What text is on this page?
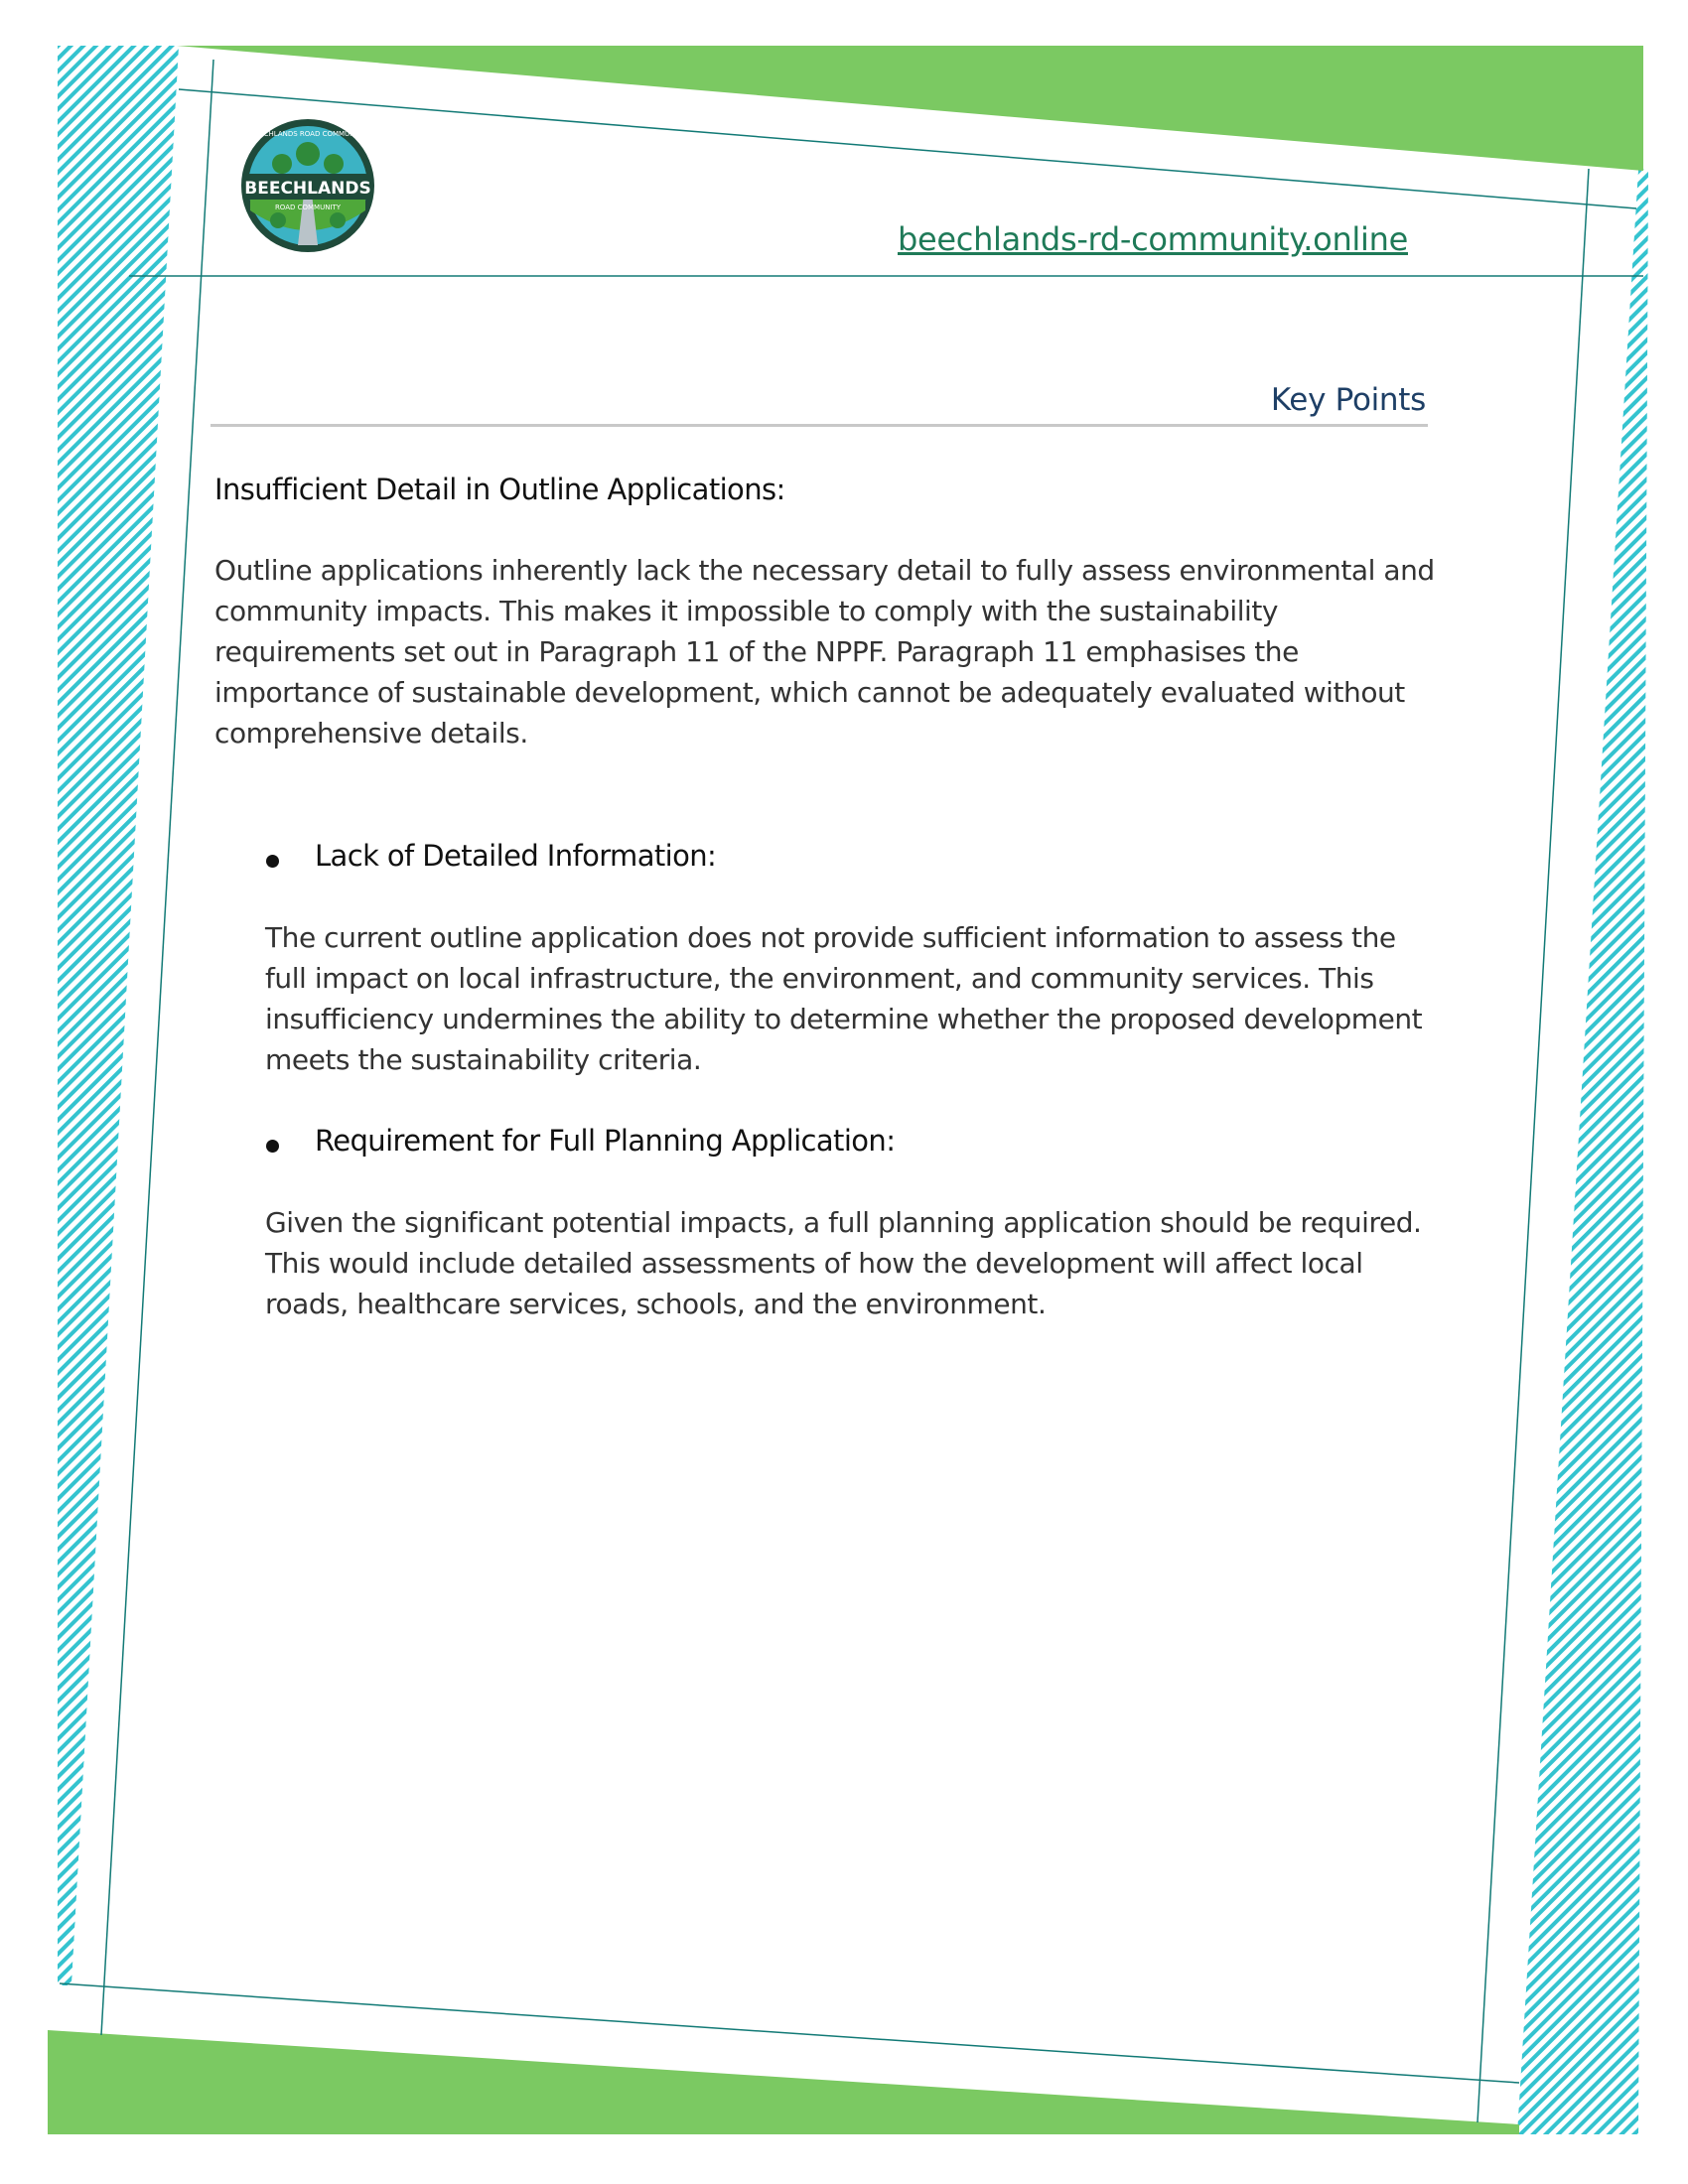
BEECHLANDS
ROAD COMMUNITY
BEECHLANDS ROAD COMMUNITY
beechlands-rd-community.online
Key Points
Insufficient Detail in Outline Applications:
Outline applications inherently lack the necessary detail to fully assess environmental and
community impacts. This makes it impossible to comply with the sustainability
requirements set out in Paragraph 11 of the NPPF. Paragraph 11 emphasises the
importance of sustainable development, which cannot be adequately evaluated without
comprehensive details.
Lack of Detailed Information:
The current outline application does not provide sufficient information to assess the
full impact on local infrastructure, the environment, and community services. This
insufficiency undermines the ability to determine whether the proposed development
meets the sustainability criteria.
Requirement for Full Planning Application:
Given the significant potential impacts, a full planning application should be required.
This would include detailed assessments of how the development will affect local
roads, healthcare services, schools, and the environment.
